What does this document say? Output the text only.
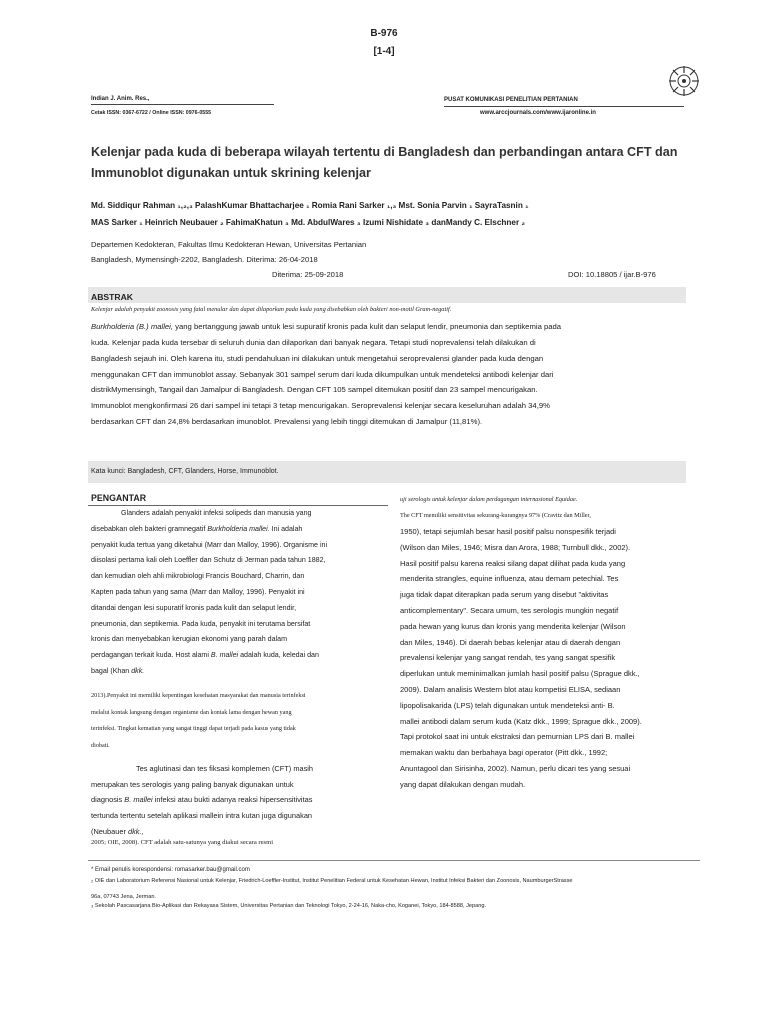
B-976
[1-4]
Indian J. Anim. Res.,
Cetak ISSN: 0367-6722 / Online ISSN: 0976-0555
PUSAT KOMUNIKASI PENELITIAN PERTANIAN
www.arccjournals.com/www.ijaronline.in
Kelenjar pada kuda di beberapa wilayah tertentu di Bangladesh dan perbandingan antara CFT dan
Immunoblot digunakan untuk skrining kelenjar
Md. Siddiqur Rahman ₁,₂,₃ PalashKumar Bhattacharjee ₁ Romia Rani Sarker ₁,₃ Mst. Sonia Parvin ₁ SayraTasnin ₁
MAS Sarker ₁ Heinrich Neubauer ₂ FahimaKhatun ₃ Md. AbdulWares ₃ Izumi Nishidate ₃ danMandy C. Elschner ₂
Departemen Kedokteran, Fakultas Ilmu Kedokteran Hewan, Universitas Pertanian
Bangladesh, Mymensingh-2202, Bangladesh. Diterima: 26-04-2018
Diterima: 25-09-2018	DOI: 10.18805 / ijar.B-976
ABSTRAK
Kelenjar adalah penyakit zoonosis yang fatal menular dan dapat dilaporkan pada kuda yang disebabkan oleh bakteri non-motil Gram-negatif.
Burkholderia (B.) mallei, yang bertanggung jawab untuk lesi supuratif kronis pada kulit dan selaput lendir, pneumonia dan septikemia pada
kuda. Kelenjar pada kuda tersebar di seluruh dunia dan dilaporkan dari banyak negara. Tetapi studi noprevalensi telah dilakukan di
Bangladesh sejauh ini. Oleh karena itu, studi pendahuluan ini dilakukan untuk mengetahui seroprevalensi glander pada kuda dengan
menggunakan CFT dan immunoblot assay. Sebanyak 301 sampel serum dari kuda dikumpulkan untuk mendeteksi antibodi kelenjar dari
distrikMymensingh, Tangail dan Jamalpur di Bangladesh. Dengan CFT 105 sampel ditemukan positif dan 23 sampel mencurigakan.
Immunoblot mengkonfirmasi 26 dari sampel ini tetapi 3 tetap mencurigakan. Seroprevalensi kelenjar secara keseluruhan adalah 34,9%
berdasarkan CFT dan 24,8% berdasarkan imunoblot. Prevalensi yang lebih tinggi ditemukan di Jamalpur (11,81%).
Kata kunci: Bangladesh, CFT, Glanders, Horse, Immunoblot.
PENGANTAR
Glanders adalah penyakit infeksi solipeds dan manusia yang
disebabkan oleh bakteri gramnegatif Burkholderia mallei. Ini adalah
penyakit kuda tertua yang diketahui (Marr dan Malloy, 1996). Organisme ini
diisolasi pertama kali oleh Loeffler dan Schutz di Jerman pada tahun 1882,
dan kemudian oleh ahli mikrobiologi Francis Bouchard, Charrin, dan
Kapten pada tahun yang sama (Marr dan Malloy, 1996). Penyakit ini
ditandai dengan lesi supuratif kronis pada kulit dan selaput lendir,
pneumonia, dan septikemia. Pada kuda, penyakit ini terutama bersifat
kronis dan menyebabkan kerugian ekonomi yang parah dalam
perdagangan terkait kuda. Host alami B. mallei adalah kuda, keledai dan
bagal (Khan dkk.
2013).Penyakit ini memiliki kepentingan kesehatan masyarakat dan manusia terinfeksi
melalui kontak langsung dengan organisme dan kontak lama dengan hewan yang
terinfeksi. Tingkat kematian yang sangat tinggi dapat terjadi pada kasus yang tidak
diobati.
Tes aglutinasi dan tes fiksasi komplemen (CFT) masih
merupakan tes serologis yang paling banyak digunakan untuk
diagnosis B. mallei infeksi atau bukti adanya reaksi hipersensitivitas
tertunda tertentu setelah aplikasi mallein intra kutan juga digunakan
(Neubauer dkk.,
2005; OIE, 2008). CFT adalah satu-satunya yang diakui secara resmi
uji serologis untuk kelenjar dalam perdagangan internasional Equidae.
The CFT memiliki sensitivitas sekurang-kurangnya 97% (Cravitz dan Miller,
1950), tetapi sejumlah besar hasil positif palsu nonspesifik terjadi
(Wilson dan Miles, 1946; Misra dan Arora, 1988; Turnbull dkk., 2002).
Hasil positif palsu karena reaksi silang dapat dilihat pada kuda yang
menderita strangles, equine influenza, atau demam petechial. Tes
juga tidak dapat diterapkan pada serum yang disebut "aktivitas
anticomplementary". Secara umum, tes serologis mungkin negatif
pada hewan yang kurus dan kronis yang menderita kelenjar (Wilson
dan Miles, 1946). Di daerah bebas kelenjar atau di daerah dengan
prevalensi kelenjar yang sangat rendah, tes yang sangat spesifik
diperlukan untuk meminimalkan jumlah hasil positif palsu (Sprague dkk.,
2009). Dalam analisis Western blot atau kompetisi ELISA, sediaan
lipopolisakarida (LPS) telah digunakan untuk mendeteksi anti- B.
mallei antibodi dalam serum kuda (Katz dkk., 1999; Sprague dkk., 2009).
Tapi protokol saat ini untuk ekstraksi dan pemurnian LPS dari B. mallei
memakan waktu dan berbahaya bagi operator (Pitt dkk., 1992;
Anuntagool dan Sirisinha, 2002). Namun, perlu dicari tes yang sesuai
yang dapat dilakukan dengan mudah.
* Email penulis korespondensi: romasarker.bau@gmail.com
₂ OIE dan Laboratorium Referensi Nasional untuk Kelenjar, Friedrich-Loeffler-Institut, Institut Penelitian Federal untuk Kesehatan Hewan, Institut Infeksi Bakteri dan Zoonosis, NaumburgerStrasse
96a, 07743 Jena, Jerman.
₃ Sekolah Pascasarjana Bio-Aplikasi dan Rekayasa Sistem, Universitas Pertanian dan Teknologi Tokyo, 2-24-16, Naka-cho, Koganei, Tokyo, 184-8588, Jepang.
